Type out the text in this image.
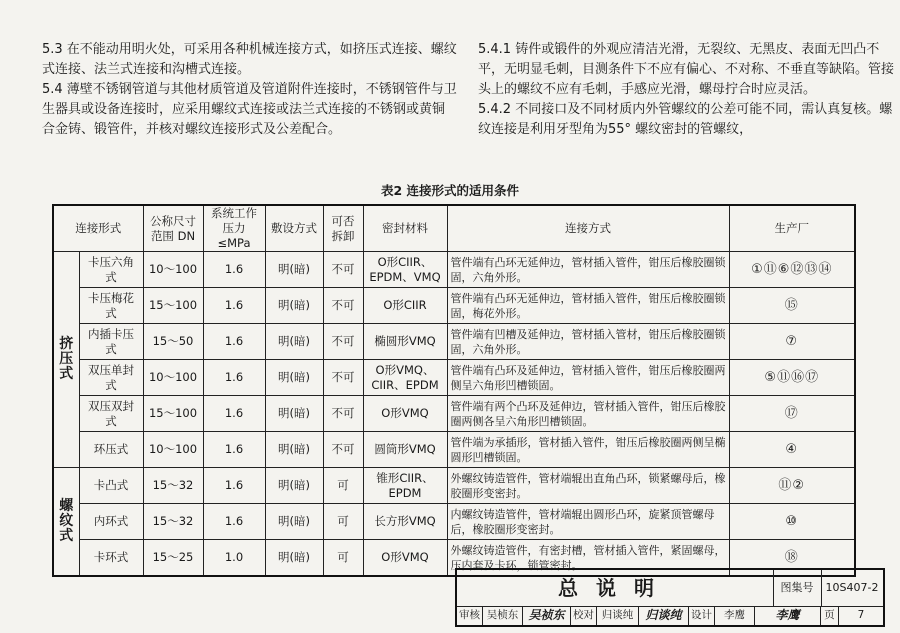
5.3 在不能动用明火处，可采用各种机械连接方式，如挤压式连接、螺纹式连接、法兰式连接和沟槽式连接。

5.4 薄壁不锈钢管道与其他材质管道及管道附件连接时，不锈钢管件与卫生器具或设备连接时，应采用螺纹式连接或法兰式连接的不锈钢或黄铜合金铸、锻管件，并核对螺纹连接形式及公差配合。

5.4.1 铸件或锻件的外观应清洁光滑，无裂纹、无黑皮、表面无凹凸不平，无明显毛刺，目测条件下不应有偏心、不对称、不垂直等缺陷。管接头上的螺纹不应有毛刺，手感应光滑，螺母拧合时应灵活。

5.4.2 不同接口及不同材质内外管螺纹的公差可能不同，需认真复核。螺纹连接是利用牙型角为55° 螺纹密封的管螺纹，

表2 连接形式的适用条件
连接形式		公称尺寸范围 DN	系统工作压力≤MPa	敷设方式	可否拆卸	密封材料	连接方式	生产厂
挤压式	卡压六角式	10～100	1.6	明(暗)	不可	O形CIIR、EPDM、VMQ	管件端有凸环无延伸边，管材插入管件，钳压后橡胶圈锁固，六角外形。	①⑪⑥⑫⑬⑭
	卡压梅花式	15～100	1.6	明(暗)	不可	O形CIIR	管件端有凸环无延伸边，管材插入管件，钳压后橡胶圈锁固，梅花外形。	⑮
	内插卡压式	15～50	1.6	明(暗)	不可	椭圆形VMQ	管件端有凹槽及延伸边，管材插入管材，钳压后橡胶圈锁固，六角外形。	⑦
	双压单封式	10～100	1.6	明(暗)	不可	O形VMQ、CIIR、EPDM	管件端有凸环及延伸边，管材插入管件，钳压后橡胶圈两侧呈六角形凹槽锁固。	⑤⑪⑯⑰
	双压双封式	15～100	1.6	明(暗)	不可	O形VMQ	管件端有两个凸环及延伸边，管材插入管件，钳压后橡胶圈两侧各呈六角形凹槽锁固。	⑰
	环压式	10～100	1.6	明(暗)	不可	圆筒形VMQ	管件端为承插形，管材插入管件，钳压后橡胶圈两侧呈椭圆形凹槽锁固。	④
螺纹式	卡凸式	15～32	1.6	明(暗)	可	锥形CIIR、EPDM	外螺纹铸造管件，管材端辊出直角凸环，锁紧螺母后，橡胶圈形变密封。	⑪②
	内环式	15～32	1.6	明(暗)	可	长方形VMQ	内螺纹铸造管件，管材端辊出圆形凸环，旋紧顶管螺母后，橡胶圈形变密封。	⑩
	卡环式	15～25	1.0	明(暗)	可	O形VMQ	外螺纹铸造管件，有密封槽，管材插入管件，紧固螺母，压内套及卡环，锁管密封。	⑱
总说明	图集号	10S407-2
审核 吴桢东 吴祯东 校对 归谈纯	归谈纯 设计	李鹰	李鹰	页	7
